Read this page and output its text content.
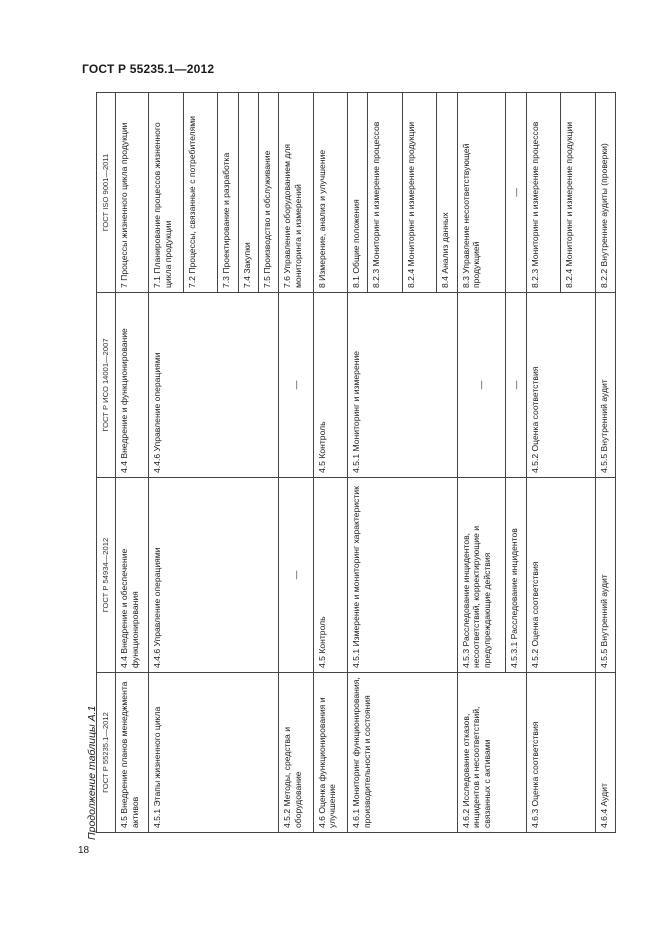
ГОСТ Р 55235.1—2012
Продолжение таблицы А.1
18
ГОСТ Р 55235.1—2012	ГОСТ Р 54934—2012	ГОСТ Р ИСО 14001—2007	ГОСТ ISO 9001—2011
4.5 Внедрение планов менеджмента активов	4.4 Внедрение и обеспечение функционирования	4.4 Внедрение и функционирование	7 Процессы жизненного цикла продукции
4.5.1 Этапы жизненного цикла	4.4.6 Управление операциями	4.4.6 Управление операциями	7.1 Планирование процессов жизненного цикла продукции
			7.2 Процессы, связанные с потребителями
			7.3 Проектирование и разработка
			7.4 Закупки
			7.5 Производство и обслуживание
4.5.2 Методы, средства и оборудование	—	—	7.6 Управление оборудованием для мониторинга и измерений
4.6 Оценка функционирования и улучшение	4.5 Контроль	4.5 Контроль	8 Измерение, анализ и улучшение
4.6.1 Мониторинг функционирования, производительности и состояния	4.5.1 Измерение и мониторинг характеристик	4.5.1 Мониторинг и измерение	8.1 Общие положения
			8.2.3 Мониторинг и измерение процессов
			8.2.4 Мониторинг и измерение продукции
			8.4 Анализ данных
4.6.2 Исследование отказов, инцидентов и несоответствий, связанных с активами	4.5.3 Расследование инцидентов, несоответствий, корректирующие и предупреждающие действия	—	8.3 Управление несоответствующей продукцией
	4.5.3.1 Расследование инцидентов	—	—
4.6.3 Оценка соответствия	4.5.2 Оценка соответствия	4.5.2 Оценка соответствия	8.2.3 Мониторинг и измерение процессов
			8.2.4 Мониторинг и измерение продукции
4.6.4 Аудит	4.5.5 Внутренний аудит	4.5.5 Внутренний аудит	8.2.2 Внутренние аудиты (проверки)
